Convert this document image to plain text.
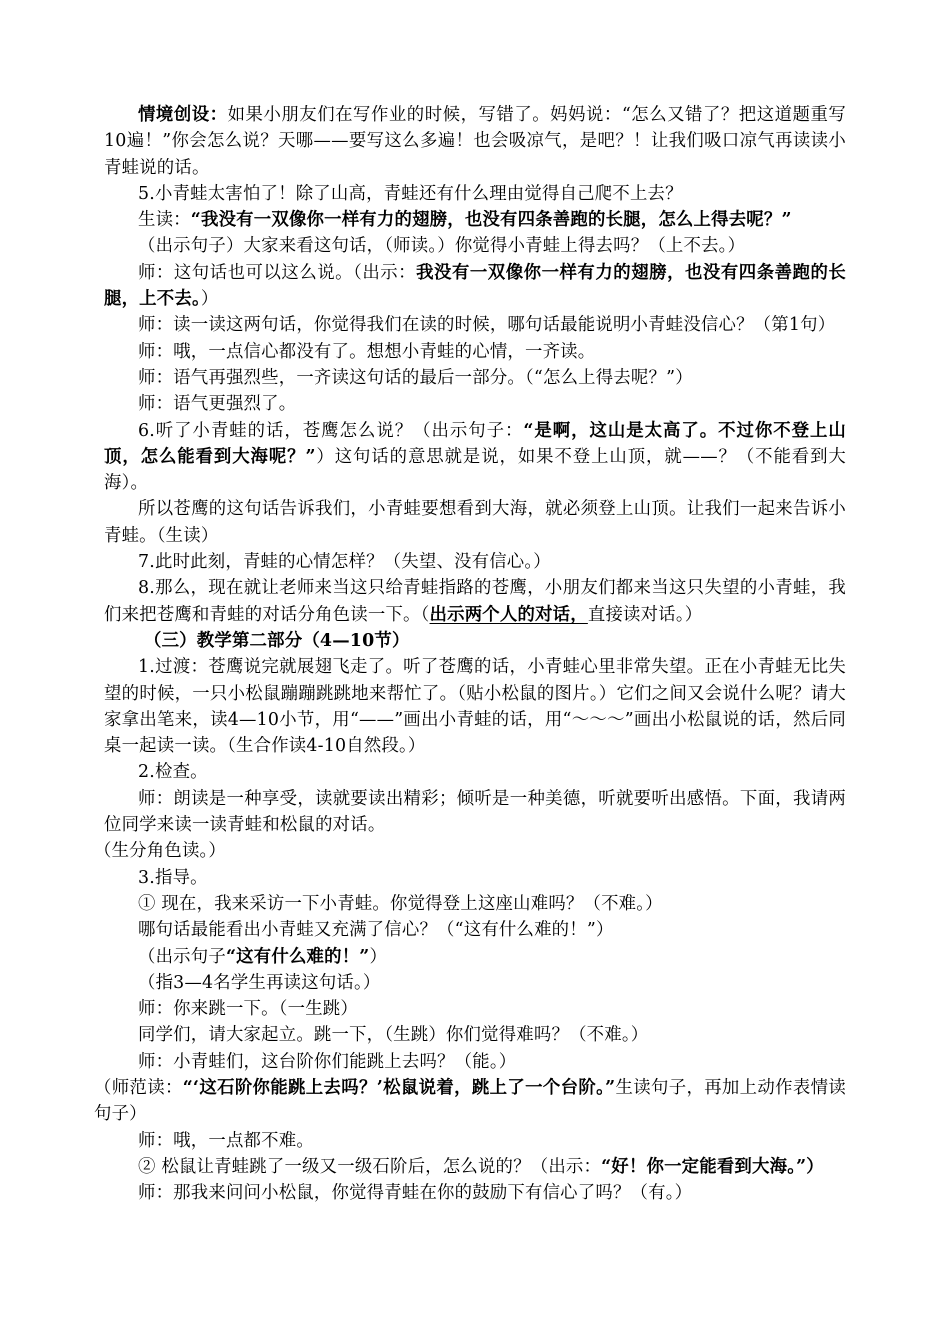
情境创设：如果小朋友们在写作业的时候，写错了。妈妈说：“怎么又错了？把这道题重写10遍！”你会怎么说？天哪——要写这么多遍！也会吸凉气，是吧？！让我们吸口凉气再读读小青蛙说的话。

5.小青蛙太害怕了！除了山高，青蛙还有什么理由觉得自己爬不上去？

生读：“我没有一双像你一样有力的翅膀，也没有四条善跑的长腿，怎么上得去呢？”

（出示句子）大家来看这句话，（师读。）你觉得小青蛙上得去吗？（上不去。）

师：这句话也可以这么说。（出示：我没有一双像你一样有力的翅膀，也没有四条善跑的长腿，上不去。）

师：读一读这两句话，你觉得我们在读的时候，哪句话最能说明小青蛙没信心？（第1句）

师：哦，一点信心都没有了。想想小青蛙的心情，一齐读。

师：语气再强烈些，一齐读这句话的最后一部分。（“怎么上得去呢？”）

师：语气更强烈了。

6.听了小青蛙的话，苍鹰怎么说？（出示句子：“是啊，这山是太高了。不过你不登上山顶，怎么能看到大海呢？”）这句话的意思就是说，如果不登上山顶，就——？（不能看到大海）。

所以苍鹰的这句话告诉我们，小青蛙要想看到大海，就必须登上山顶。让我们一起来告诉小青蛙。（生读）

7.此时此刻，青蛙的心情怎样？（失望、没有信心。）

8.那么，现在就让老师来当这只给青蛙指路的苍鹰，小朋友们都来当这只失望的小青蛙，我们来把苍鹰和青蛙的对话分角色读一下。（出示两个人的对话，直接读对话。）

（三）教学第二部分（4—10节）

1.过渡：苍鹰说完就展翅飞走了。听了苍鹰的话，小青蛙心里非常失望。正在小青蛙无比失望的时候，一只小松鼠蹦蹦跳跳地来帮忙了。（贴小松鼠的图片。）它们之间又会说什么呢？请大家拿出笔来，读4—10小节，用“——”画出小青蛙的话，用“～～～”画出小松鼠说的话，然后同桌一起读一读。（生合作读4-10自然段。）

2.检查。

师：朗读是一种享受，读就要读出精彩；倾听是一种美德，听就要听出感悟。下面，我请两位同学来读一读青蛙和松鼠的对话。

（生分角色读。）

3.指导。

① 现在，我来采访一下小青蛙。你觉得登上这座山难吗？（不难。）

哪句话最能看出小青蛙又充满了信心？（“这有什么难的！”）

（出示句子“这有什么难的！”）

（指3—4名学生再读这句话。）

师：你来跳一下。（一生跳）

同学们，请大家起立。跳一下，（生跳）你们觉得难吗？（不难。）

师：小青蛙们，这台阶你们能跳上去吗？（能。）

（师范读：“‘这石阶你能跳上去吗？’松鼠说着，跳上了一个台阶。”生读句子，再加上动作表情读句子）

师：哦，一点都不难。

② 松鼠让青蛙跳了一级又一级石阶后，怎么说的？（出示：“好！你一定能看到大海。”）

师：那我来问问小松鼠，你觉得青蛙在你的鼓励下有信心了吗？（有。）
